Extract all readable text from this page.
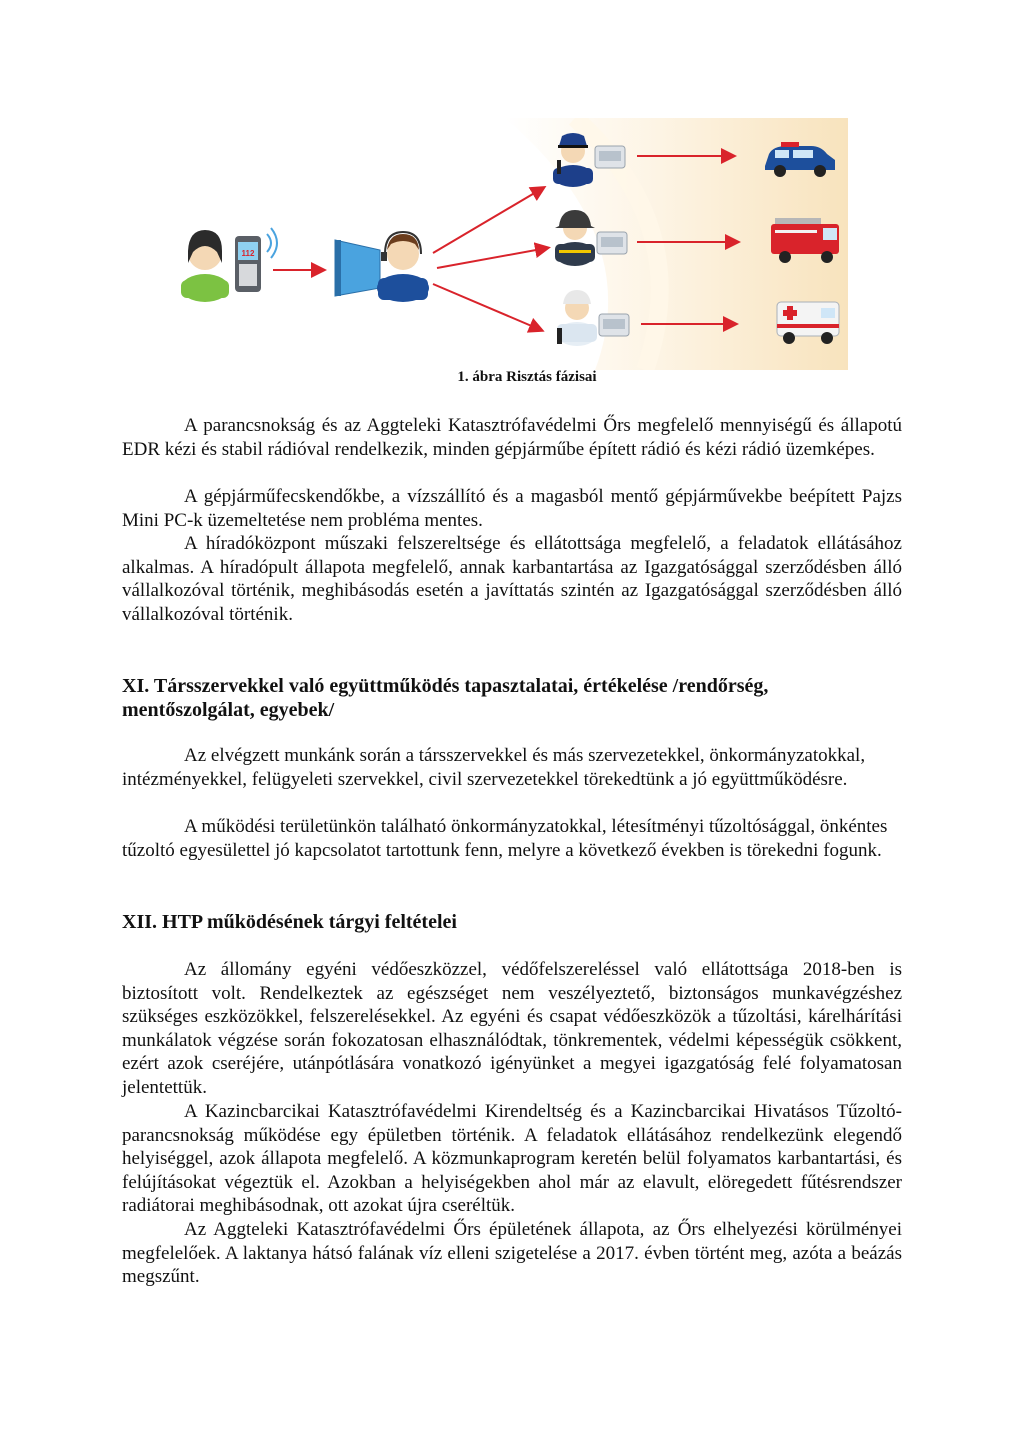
112
1. ábra Risztás fázisai

A parancsnokság és az Aggteleki Katasztrófavédelmi Őrs megfelelő mennyiségű és állapotú EDR kézi és stabil rádióval rendelkezik, minden gépjárműbe épített rádió és kézi rádió üzemképes.

A gépjárműfecskendőkbe, a vízszállító és a magasból mentő gépjárművekbe beépített Pajzs Mini PC-k üzemeltetése nem probléma mentes.

A híradóközpont műszaki felszereltsége és ellátottsága megfelelő, a feladatok ellátásához alkalmas. A híradópult állapota megfelelő, annak karbantartása az Igazgatósággal szerződésben álló vállalkozóval történik, meghibásodás esetén a javíttatás szintén az Igazgatósággal szerződésben álló vállalkozóval történik.

XI. Társszervekkel való együttműködés tapasztalatai, értékelése /rendőrség, mentőszolgálat, egyebek/

Az elvégzett munkánk során a társszervekkel és más szervezetekkel, önkormányzatokkal, intézményekkel, felügyeleti szervekkel, civil szervezetekkel törekedtünk a jó együttműködésre.

A működési területünkön található önkormányzatokkal, létesítményi tűzoltósággal, önkéntes tűzoltó egyesülettel jó kapcsolatot tartottunk fenn, melyre a következő években is törekedni fogunk.

XII. HTP működésének tárgyi feltételei

Az állomány egyéni védőeszközzel, védőfelszereléssel való ellátottsága 2018-ben is biztosított volt. Rendelkeztek az egészséget nem veszélyeztető, biztonságos munkavégzéshez szükséges eszközökkel, felszerelésekkel. Az egyéni és csapat védőeszközök a tűzoltási, kárelhárítási munkálatok végzése során fokozatosan elhasználódtak, tönkrementek, védelmi képességük csökkent, ezért azok cseréjére, utánpótlására vonatkozó igényünket a megyei igazgatóság felé folyamatosan jelentettük.

A Kazincbarcikai Katasztrófavédelmi Kirendeltség és a Kazincbarcikai Hivatásos Tűzoltó-parancsnokság működése egy épületben történik. A feladatok ellátásához rendelkezünk elegendő helyiséggel, azok állapota megfelelő. A közmunkaprogram keretén belül folyamatos karbantartási, és felújításokat végeztük el. Azokban a helyiségekben ahol már az elavult, elöregedett fűtésrendszer radiátorai meghibásodnak, ott azokat újra cseréltük.

Az Aggteleki Katasztrófavédelmi Őrs épületének állapota, az Őrs elhelyezési körülményei megfelelőek. A laktanya hátsó falának víz elleni szigetelése a 2017. évben történt meg, azóta a beázás megszűnt.
